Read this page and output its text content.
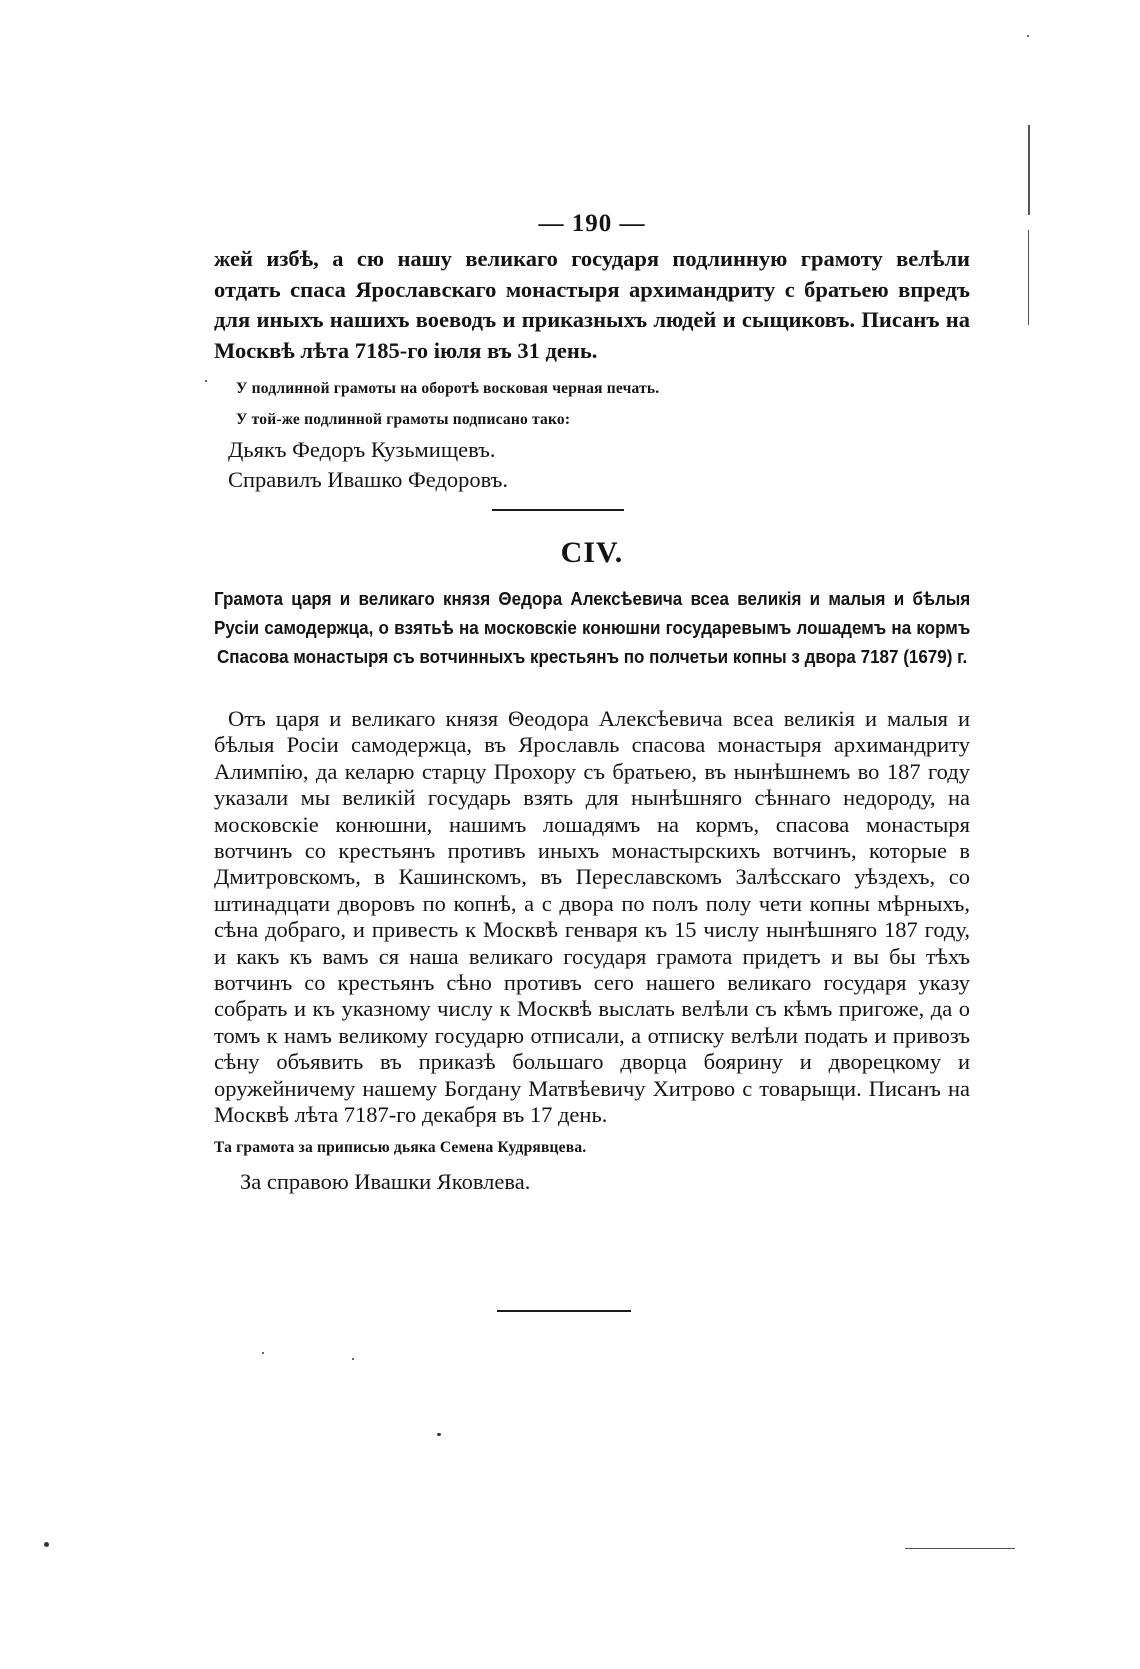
— 190 —

жей избѣ, а сю нашу великаго государя подлинную грамоту велѣли отдать спаса Ярославскаго монастыря архимандриту с братьею впредъ для иныхъ нашихъ воеводъ и приказныхъ людей и сыщиковъ. Писанъ на Москвѣ лѣта 7185-го іюля въ 31 день.

У подлинной грамоты на оборотѣ восковая черная печать.

У той-же подлинной грамоты подписано тако:

Дьякъ Федоръ Кузьмищевъ.

Справилъ Ивашко Федоровъ.

CIV.

Грамота царя и великаго князя Θедора Алексѣевича всеа великія и малыя и бѣлыя Русіи самодержца, о взятьѣ на московскіе конюшни государевымъ лошадемъ на кормъ Спасова монастыря съ вотчинныхъ крестьянъ по полчетьи копны з двора 7187 (1679) г.

Отъ царя и великаго князя Θеодора Алексѣевича всеа великія и малыя и бѣлыя Росіи самодержца, въ Ярославль спасова монастыря архимандриту Алимпію, да келарю старцу Прохору съ братьею, въ нынѣшнемъ во 187 году указали мы великій государь взять для нынѣшняго сѣннаго недороду, на московскіе конюшни, нашимъ лошадямъ на кормъ, спасова монастыря вотчинъ со крестьянъ противъ иныхъ монастырскихъ вотчинъ, которые в Дмитровскомъ, в Кашинскомъ, въ Переславскомъ Залѣсскаго уѣздехъ, со штинадцати дворовъ по копнѣ, а с двора по полъ полу чети копны мѣрныхъ, сѣна добраго, и привесть к Москвѣ генваря къ 15 числу нынѣшняго 187 году, и какъ къ вамъ ся наша великаго государя грамота придетъ и вы бы тѣхъ вотчинъ со крестьянъ сѣно противъ сего нашего великаго государя указу собрать и къ указному числу к Москвѣ выслать велѣли съ кѣмъ пригоже, да о томъ к намъ великому государю отписали, а отписку велѣли подать и привозъ сѣну объявить въ приказѣ большаго дворца боярину и дворецкому и оружейничему нашему Богдану Матвѣевичу Хитрово с товарыщи. Писанъ на Москвѣ лѣта 7187-го декабря въ 17 день.

Та грамота за приписью дьяка Семена Кудрявцева.

За справою Ивашки Яковлева.
